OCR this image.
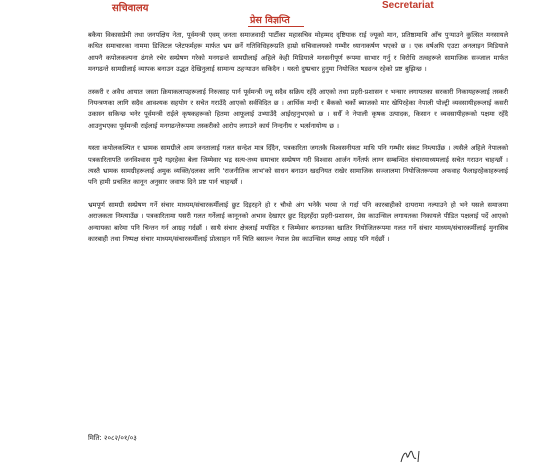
सचिवालय	Secretariat
प्रेस विज्ञप्ति

बकैया विकासप्रेमी तथा जनपक्षिय नेता, पूर्वमन्त्री एवम् जनता समाजवादी पार्टीका महासचिव मोहम्मद दृष्टियाक राई ज्यूको मान, प्रतिष्ठामाथि आँच पुऱ्याउने कुत्सित मनसायले कथित समाचारका नाममा डिजिटल प्लेटफर्महरू मार्फत भ्रम छर्ने गतिविधिहरूप्रति हाम्रो सचिवालयको गम्भीर ध्यानाकर्षण भएको छ । एक वर्षअघि एउटा अनलाइन मिडियाले आफ्नै कपोलकल्पना ढंगले रचेर सम्प्रेषण गरेको मनगढन्ते सामग्रीलाई अहिले केही मिडियाले मनसनीपूर्ण रूपमा साभार गर्नु र विरोधि तत्वहरूले सामाजिक सञ्जाल मार्फत मनगढन्ते सामग्रीलाई व्यापक बनाउन उद्धत देखिनुलाई सामान्य ठहऱ्याउन सकिदैन । यस्तो दुष्प्रचार हुनुमा नियोजित षड्यन्त्र रहेको प्रष्ट बुझिन्छ ।

तस्करी र अवैध आयात जस्ता क्रियाकलापहरूलाई निरुत्साह पार्न पूर्वमन्त्री ज्यू सदैव सक्रिय रहँदै आएको तथा प्रहरी-प्रशासन र भन्सार लगायतका सरकारी निकायहरूलाई तस्करी नियन्त्रणका लागि सदैव आवश्यक सहयोग र सचेत गराउँदै आएको सर्वविदित छ । आर्थिक मन्दी र बैंकको चर्को ब्याजको मार खेपिरहेका नेपाली पोल्ट्री व्यवसायीहरूलाई कसरी उकास्न सकिन्छ भनेर पूर्वमन्त्री राईले कृषकहरूको हितमा आफूलाई उभ्याउँदै आईरहनुभएको छ । सधैँ ने नेपाली कृषक उत्पादक, किसान र व्यवसायीहरूको पक्षमा रहँदै आउनुभएका पूर्वमन्त्री राईलाई मनगढन्तेरूपमा तस्करीको आरोप लगाउने कार्य निन्दनीय र भर्त्सनायोग्य छ ।

यस्ता कपोलकल्पित र भ्रामक सामग्रीले आम जनतालाई गलत सन्देश मात्र दिँदैन, पत्रकारिता जगतकै विश्वसनीयता माथि पनि गम्भीर संकट निम्त्याउँछ । त्यसैले अहिले नेपालको पत्रकारितापति जनविश्वास गुम्दै गइरहेका बेला जिम्मेवार भद्र सत्य-तथ्य समाचार सम्प्रेषण गरी विश्वास आर्जन गर्नेतर्फ लाग्न सम्बन्धित संचारमाध्यमलाई सचेत गराउन चाहन्छौं । त्यस्तै भ्रामक सामग्रीहरूलाई अमुक व्यक्ति/दलका लागि 'राजनीतिक लाभ'को साधन बनाउन खदनियत राखेर सामाजिक सञ्जालमा नियोजितरूपमा अफवाह फैलाइरहेकाहरूलाई पनि हामी प्रचलित कानून अनुसार जवाफ दिने प्रष्ट पार्न चाहन्छौं ।

भ्रमपूर्ण सामग्री सम्प्रेषण गर्ने संचार माध्यम/संचारकर्मीलाई छुट दिइरहने हो र चौथो अंग भनेकै भरमा जे गर्दा पनि कारबाहीको दायरामा नल्याउने हो भने यसले समाजमा अराजकता निम्त्याउँछ । पत्रकारितामा यसरी गलत गर्नेलाई कानूनको अभाव देखाएर छुट दिइरहँदा प्रहरी-प्रशासन, प्रेस काउन्सिल लगायतका निकायले पीडित पक्षलाई पर्दे आएको अन्यायका बारेमा पनि चिन्तन गर्न आग्रह गर्दछौं । साथै संचार क्षेत्रलाई मर्यादित र जिम्मेवार बनाउनका खातिर नियोजितरूपमा गलत गर्ने संचार माध्यम/संचारकर्मीलाई मुनासिब कारबाही तथा निष्पक्ष संचार माध्यम/संचारकर्मीलाई प्रोत्साहन गर्ने चिति बसाल्न नेपाल प्रेस काउन्सिल समक्ष आग्रह पनि गर्दछौं ।

मिति: २०८२/०१/०३
